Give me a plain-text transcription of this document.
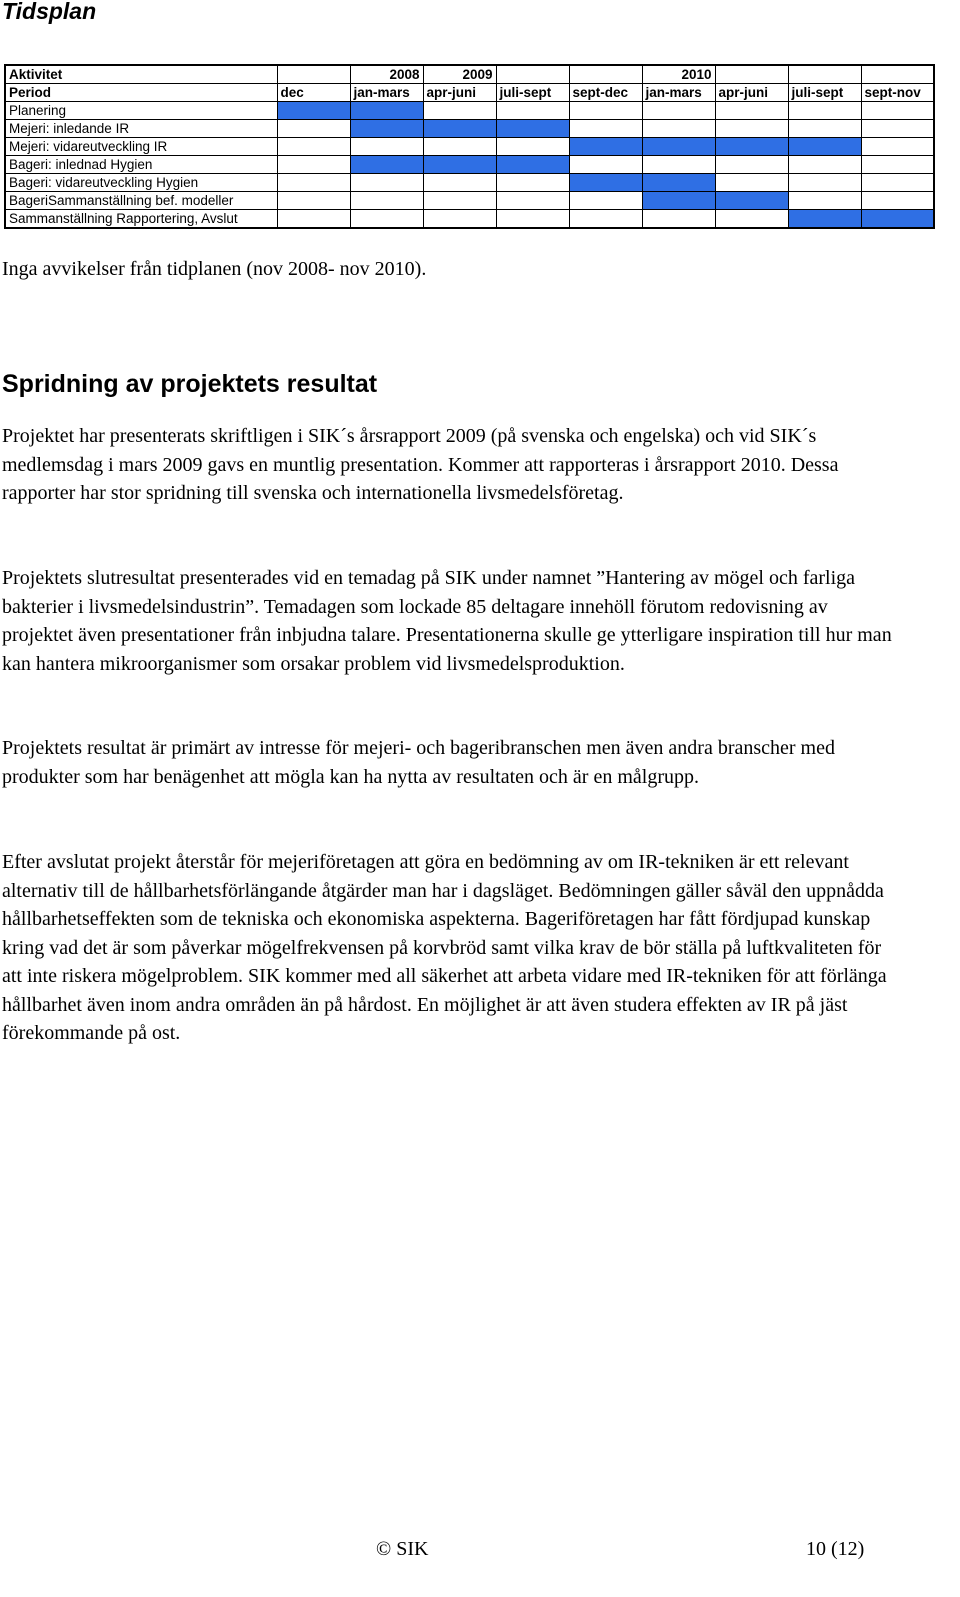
Tidsplan
Aktivitet		2008	2009			2010			
Period	dec	jan-mars	apr-juni	juli-sept	sept-dec	jan-mars	apr-juni	juli-sept	sept-nov
Planering									
Mejeri: inledande IR									
Mejeri: vidareutveckling IR									
Bageri: inlednad Hygien									
Bageri: vidareutveckling Hygien									
BageriSammanställning bef. modeller									
Sammanställning Rapportering, Avslut									

Inga avvikelser från tidplanen (nov 2008- nov 2010).

Spridning av projektets resultat

Projektet har presenterats skriftligen i SIK´s årsrapport 2009 (på svenska och engelska) och vid SIK´s medlemsdag i mars 2009 gavs en muntlig presentation. Kommer att rapporteras i årsrapport 2010. Dessa rapporter har stor spridning till svenska och internationella livsmedelsföretag.

Projektets slutresultat presenterades vid en temadag på SIK under namnet ”Hantering av mögel och farliga bakterier i livsmedelsindustrin”. Temadagen som lockade 85 deltagare innehöll förutom redovisning av projektet även presentationer från inbjudna talare. Presentationerna skulle ge ytterligare inspiration till hur man kan hantera mikroorganismer som orsakar problem vid livsmedelsproduktion.

Projektets resultat är primärt av intresse för mejeri- och bageribranschen men även andra branscher med produkter som har benägenhet att mögla kan ha nytta av resultaten och är en målgrupp.

Efter avslutat projekt återstår för mejeriföretagen att göra en bedömning av om IR-tekniken är ett relevant alternativ till de hållbarhetsförlängande åtgärder man har i dagsläget. Bedömningen gäller såväl den uppnådda hållbarhetseffekten som de tekniska och ekonomiska aspekterna. Bageriföretagen har fått fördjupad kunskap kring vad det är som påverkar mögelfrekvensen på korvbröd samt vilka krav de bör ställa på luftkvaliteten för att inte riskera mögelproblem. SIK kommer med all säkerhet att arbeta vidare med IR-tekniken för att förlänga hållbarhet även inom andra områden än på hårdost. En möjlighet är att även studera effekten av IR på jäst förekommande på ost.

© SIK	10 (12)
